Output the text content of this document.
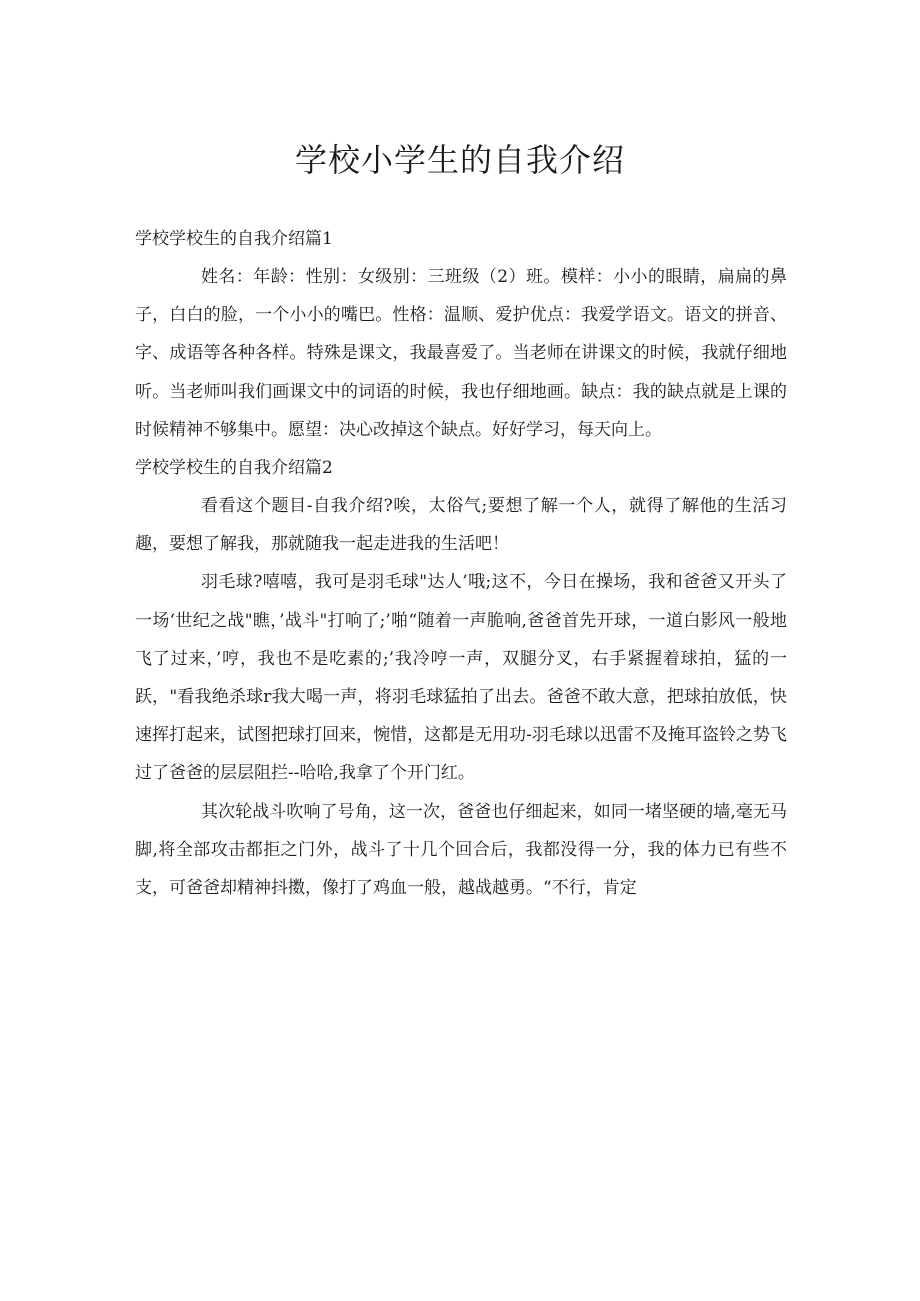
学校小学生的自我介绍
学校学校生的自我介绍篇1

姓名：年龄：性别：女级别：三班级（2）班。模样：小小的眼睛，扁扁的鼻子，白白的脸，一个小小的嘴巴。性格：温顺、爱护优点：我爱学语文。语文的拼音、字、成语等各种各样。特殊是课文，我最喜爱了。当老师在讲课文的时候，我就仔细地听。当老师叫我们画课文中的词语的时候，我也仔细地画。缺点：我的缺点就是上课的时候精神不够集中。愿望：决心改掉这个缺点。好好学习，每天向上。

学校学校生的自我介绍篇2

看看这个题目-自我介绍?唉，太俗气;要想了解一个人，就得了解他的生活习趣，要想了解我，那就随我一起走进我的生活吧！

羽毛球?嘻嘻，我可是羽毛球"达人’哦;这不，今日在操场，我和爸爸又开头了一场‘世纪之战"瞧，’战斗"打响了;’啪“随着一声脆响,爸爸首先开球，一道白影风一般地飞了过来，’哼，我也不是吃素的;’我冷哼一声，双腿分叉，右手紧握着球拍，猛的一跃，"看我绝杀球r我大喝一声，将羽毛球猛拍了出去。爸爸不敢大意，把球拍放低，快速挥打起来，试图把球打回来，惋惜，这都是无用功-羽毛球以迅雷不及掩耳盗铃之势飞过了爸爸的层层阻拦--哈哈,我拿了个开门红。

其次轮战斗吹响了号角，这一次，爸爸也仔细起来，如同一堵坚硬的墙,毫无马脚,将全部攻击都拒之门外，战斗了十几个回合后，我都没得一分，我的体力已有些不支，可爸爸却精神抖擞，像打了鸡血一般，越战越勇。“不行，肯定
